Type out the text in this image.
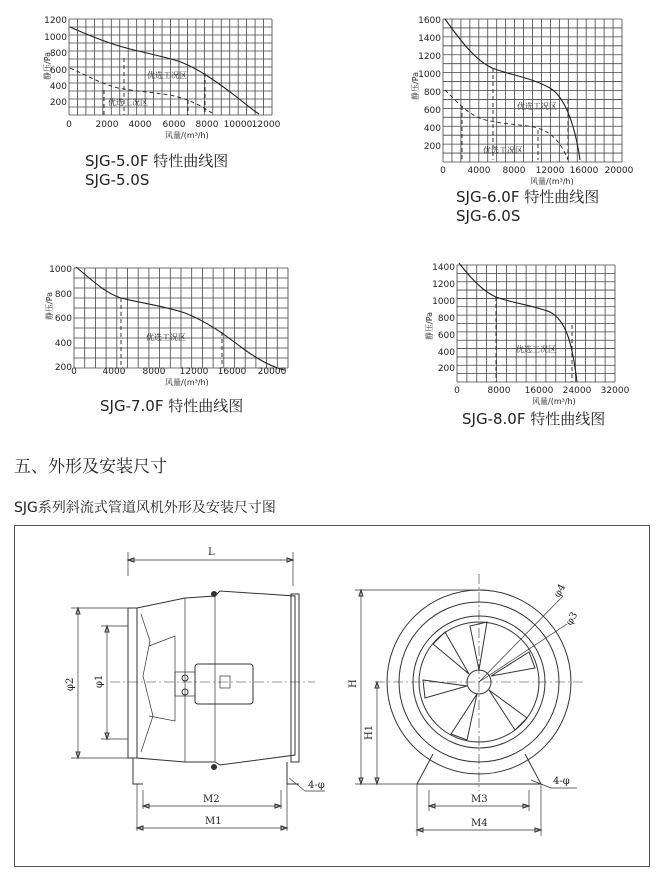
1200
1000
800
600
400
200
0	2000 4000 6000 8000 10000 12000
静压/Pa
风量/(m³/h)
优选工况区
优选工况区
SJG-5.0F 特性曲线图
SJG-5.0S
1600
1400
1200
1000
800
600
400
200
0 4000 8000 12000 16000 20000
静压/Pa
风量/(m³/h)
优选工况区
优选工况区
SJG-6.0F 特性曲线图
SJG-6.0S
1000
800
600
400
200 0	4000 8000 12000 16000 20000
静压/Pa
风量/(m³/h)
优选工况区
SJG-7.0F 特性曲线图
1400
1200
1000
800
600
400
200
0	8000 16000 24000 32000
静压/Pa
风量/(m³/h)
优选工况区
SJG-8.0F 特性曲线图
五、外形及安装尺寸
SJG系列斜流式管道风机外形及安装尺寸图
L
φ2 φ1
M2
M1
4-φ
φ4
φ3
H
H1
M3
M4
4-φ
